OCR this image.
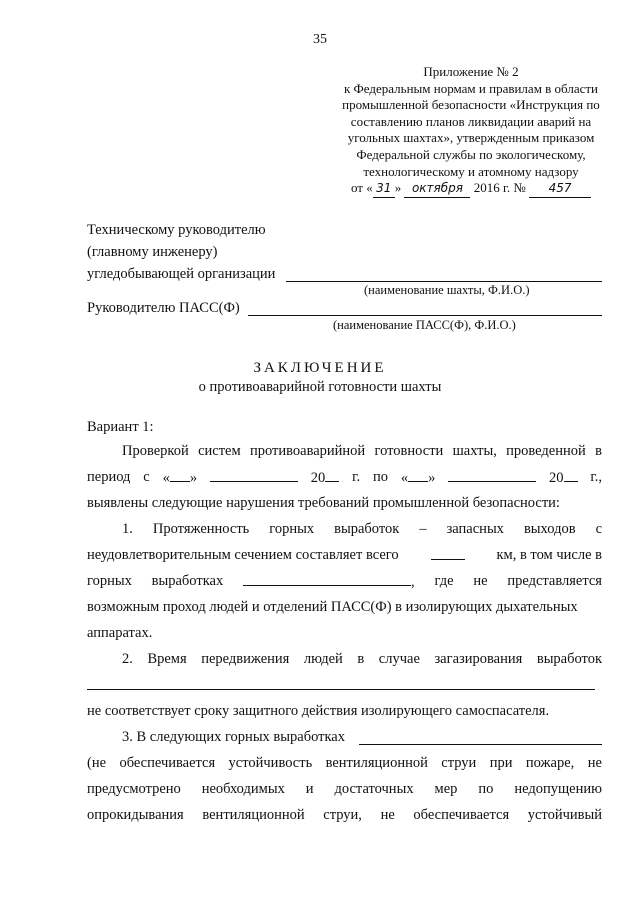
35
Приложение № 2
к Федеральным нормам и правилам в области
промышленной безопасности «Инструкция по
составлению планов ликвидации аварий на
угольных шахтах», утвержденным приказом
Федеральной службы по экологическому,
технологическому и атомному надзору
от « 31 » октября 2016 г. № 457
Техническому руководителю
(главному инженеру)
угледобывающей организации
(наименование шахты, Ф.И.О.)
Руководителю ПАСС(Ф)
(наименование ПАСС(Ф), Ф.И.О.)
ЗАКЛЮЧЕНИЕ
о противоаварийной готовности шахты
Вариант 1:
Проверкой систем противоаварийной готовности шахты, проведенной в
период с « »	20	г. по « »	20	г.,
выявлены следующие нарушения требований промышленной безопасности:
1. Протяженность горных выработок – запасных выходов с
неудовлетворительным сечением составляет всего	км, в том числе в
горных выработках	, где не представляется
возможным проход людей и отделений ПАСС(Ф) в изолирующих дыхательных
аппаратах.
2. Время передвижения людей в случае загазирования выработок
не соответствует сроку защитного действия изолирующего самоспасателя.
3. В следующих горных выработках
(не обеспечивается устойчивость вентиляционной струи при пожаре, не
предусмотрено необходимых и достаточных мер по недопущению
опрокидывания вентиляционной струи, не обеспечивается устойчивый
